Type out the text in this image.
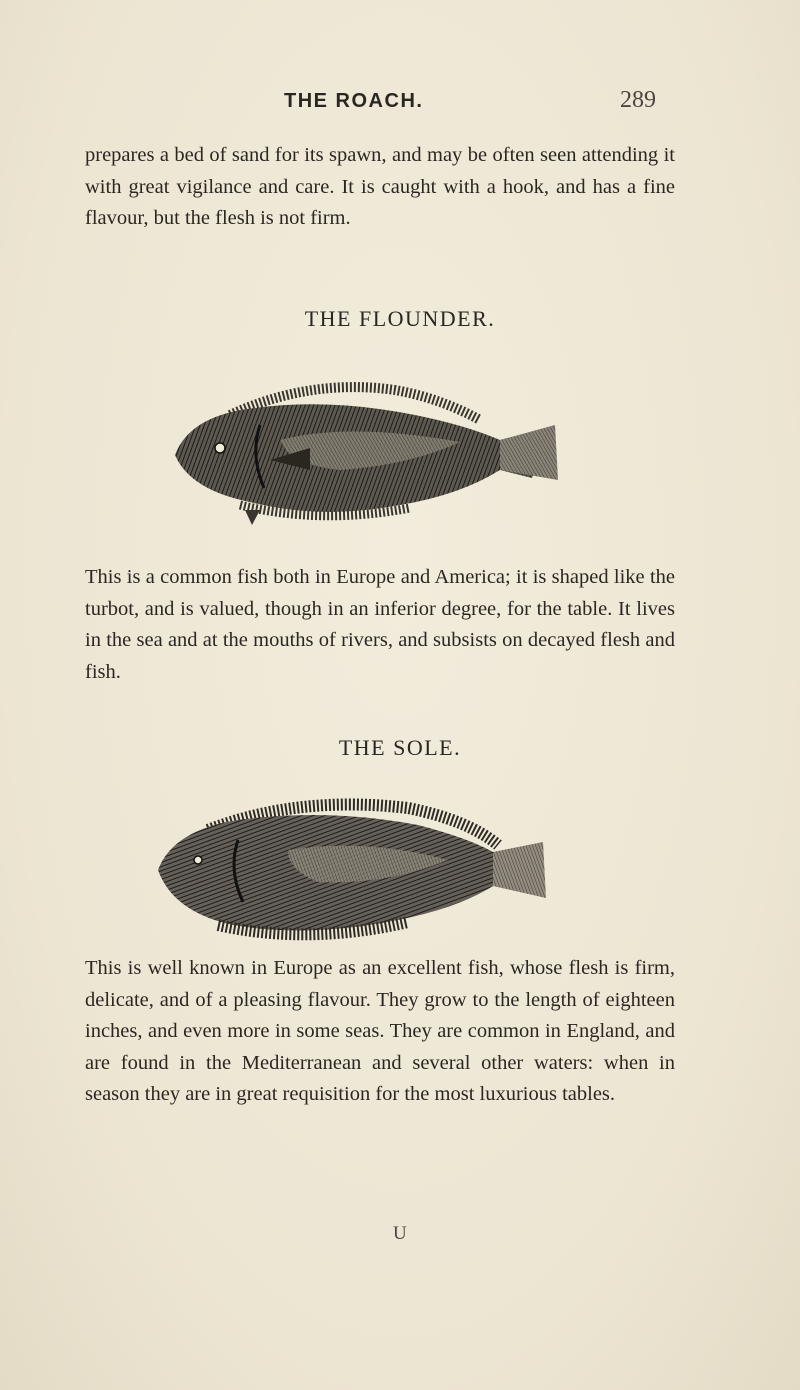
THE ROACH.	289

prepares a bed of sand for its spawn, and may be often seen attending it with great vigilance and care. It is caught with a hook, and has a fine flavour, but the flesh is not firm.

THE FLOUNDER.

This is a common fish both in Europe and America; it is shaped like the turbot, and is valued, though in an inferior degree, for the table. It lives in the sea and at the mouths of rivers, and subsists on decayed flesh and fish.

THE SOLE.

This is well known in Europe as an excellent fish, whose flesh is firm, delicate, and of a pleasing flavour. They grow to the length of eighteen inches, and even more in some seas. They are common in England, and are found in the Mediterranean and several other waters: when in season they are in great requisition for the most luxurious tables.

U
